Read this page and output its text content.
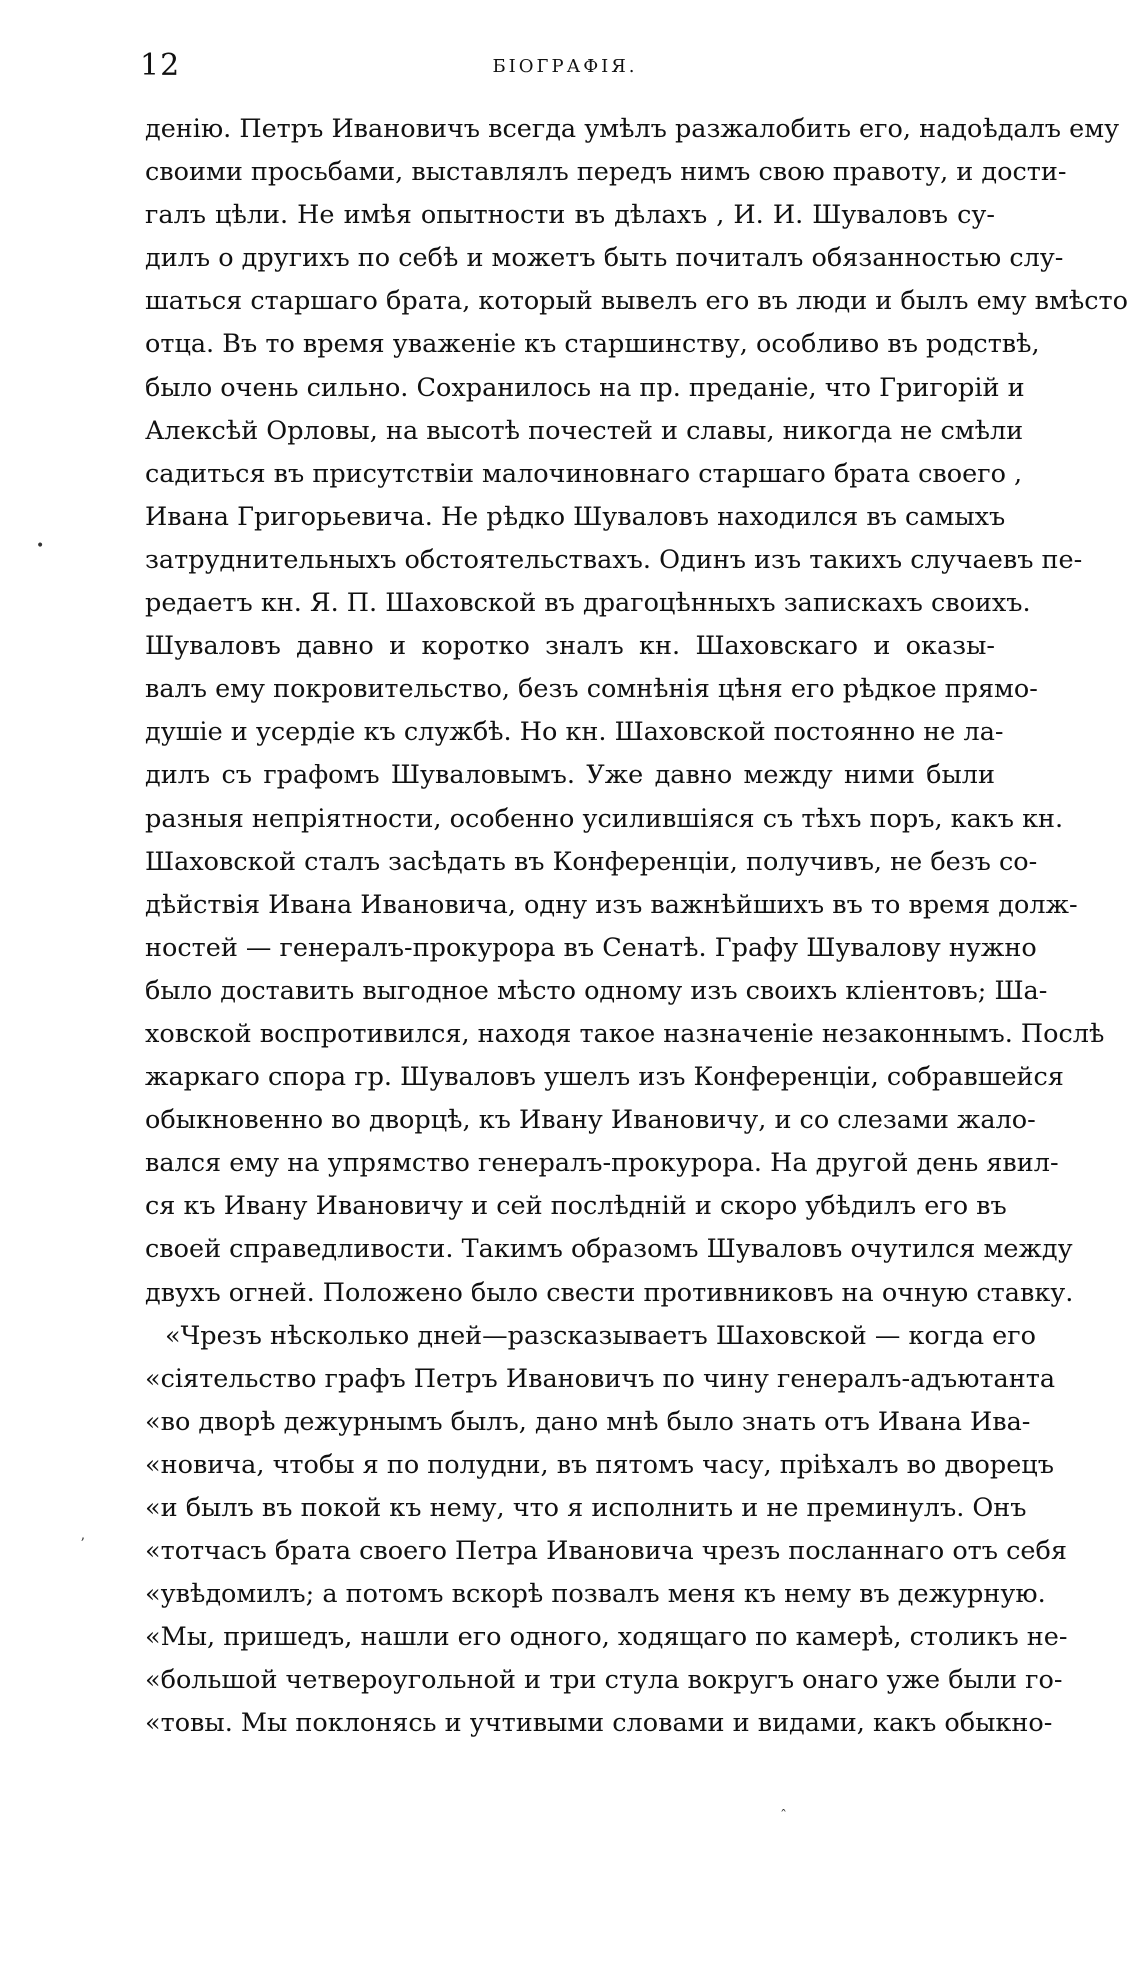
12	БІОГРАФІЯ.
денію. Петръ Ивановичъ всегда умѣлъ разжалобить его, надоѣдалъ ему
своими просьбами, выставлялъ передъ нимъ свою правоту, и дости-
галъ цѣли. Не имѣя опытности въ дѣлахъ , И. И. Шуваловъ су-
дилъ о другихъ по себѣ и можетъ быть почиталъ обязанностью слу-
шаться старшаго брата, который вывелъ его въ люди и былъ ему вмѣсто
отца. Въ то время уваженіе къ старшинству, особливо въ родствѣ,
было очень сильно. Сохранилось на пр. преданіе, что Григорій и
Алексѣй Орловы, на высотѣ почестей и славы, никогда не смѣли
садиться въ присутствіи малочиновнаго старшаго брата своего ,
Ивана Григорьевича. Не рѣдко Шуваловъ находился въ самыхъ
затруднительныхъ обстоятельствахъ. Одинъ изъ такихъ случаевъ пе-
редаетъ кн. Я. П. Шаховской въ драгоцѣнныхъ запискахъ своихъ.
Шуваловъ давно и коротко зналъ кн. Шаховскаго и оказы-
валъ ему покровительство, безъ сомнѣнія цѣня его рѣдкое прямо-
душіе и усердіе къ службѣ. Но кн. Шаховской постоянно не ла-
дилъ съ графомъ Шуваловымъ. Уже давно между ними были
разныя непріятности, особенно усилившіяся съ тѣхъ поръ, какъ кн.
Шаховской сталъ засѣдать въ Конференціи, получивъ, не безъ со-
дѣйствія Ивана Ивановича, одну изъ важнѣйшихъ въ то время долж-
ностей — генералъ-прокурора въ Сенатѣ. Графу Шувалову нужно
было доставить выгодное мѣсто одному изъ своихъ кліентовъ; Ша-
ховской воспротивился, находя такое назначеніе незаконнымъ. Послѣ
жаркаго спора гр. Шуваловъ ушелъ изъ Конференціи, собравшейся
обыкновенно во дворцѣ, къ Ивану Ивановичу, и со слезами жало-
вался ему на упрямство генералъ-прокурора. На другой день явил-
ся къ Ивану Ивановичу и сей послѣдній и скоро убѣдилъ его въ
своей справедливости. Такимъ образомъ Шуваловъ очутился между
двухъ огней. Положено было свести противниковъ на очную ставку.
«Чрезъ нѣсколько дней—разсказываетъ Шаховской — когда его
«сіятельство графъ Петръ Ивановичъ по чину генералъ-адъютанта
«во дворѣ дежурнымъ былъ, дано мнѣ было знать отъ Ивана Ива-
«новича, чтобы я по полудни, въ пятомъ часу, пріѣхалъ во дворецъ
«и былъ въ покой къ нему, что я исполнить и не преминулъ. Онъ
«тотчасъ брата своего Петра Ивановича чрезъ посланнаго отъ себя
«увѣдомилъ; а потомъ вскорѣ позвалъ меня къ нему въ дежурную.
«Мы, пришедъ, нашли его одного, ходящаго по камерѣ, столикъ не-
«большой четвероугольной и три стула вокругъ онаго уже были го-
«товы. Мы поклонясь и учтивыми словами и видами, какъ обыкно-
•
ʼ
ˆ
